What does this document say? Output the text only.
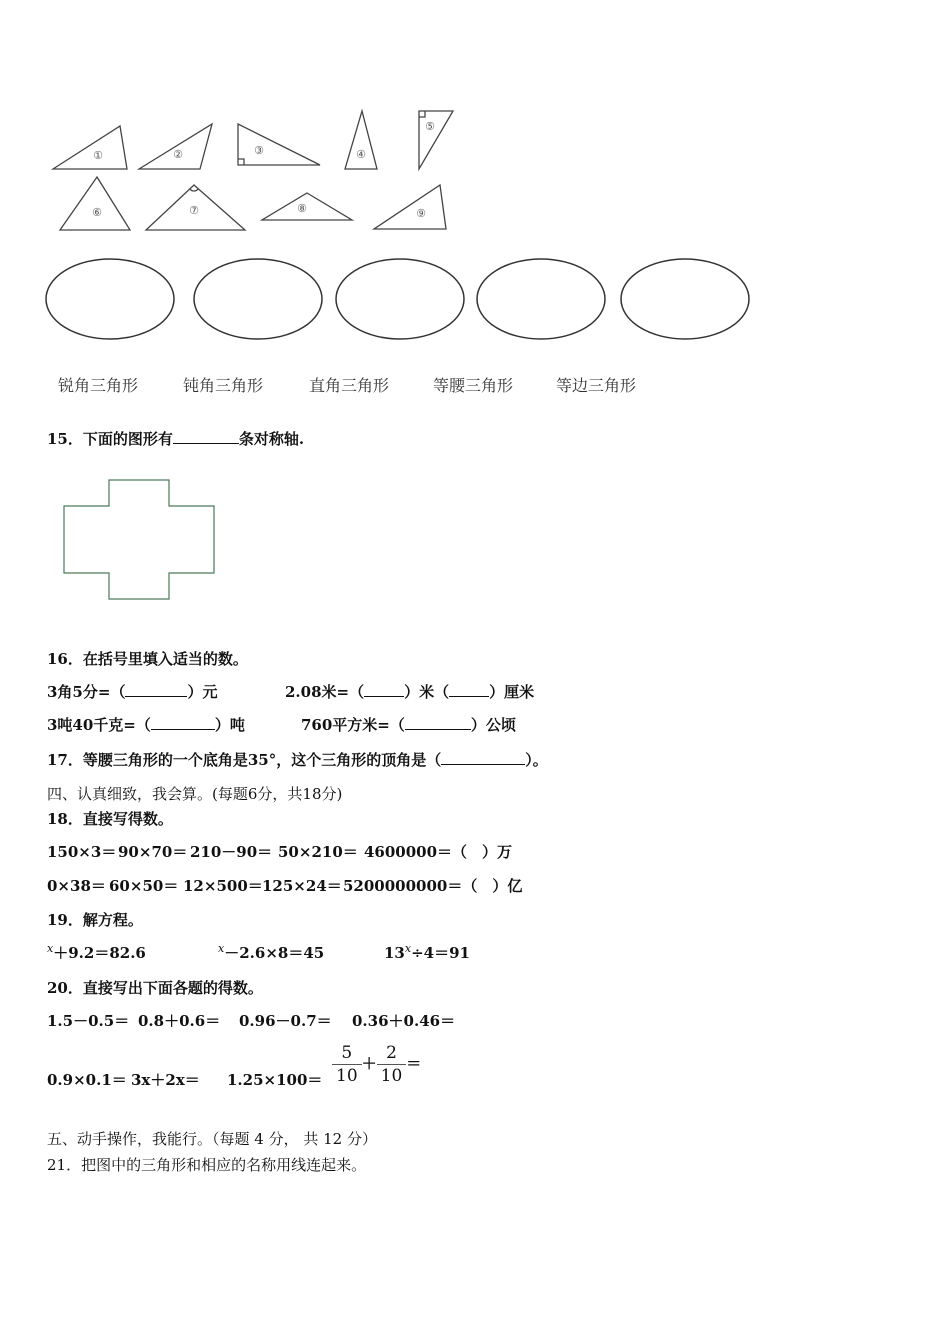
①	②	③	④
⑤
⑥	⑦	⑧	⑨
锐角三角形	钝角三角形	直角三角形	等腰三角形	等边三角形
15．下面的图形有	条对称轴.
16．在括号里填入适当的数。
3角5分=（	）元	2.08米=（	）米（	）厘米
3吨40千克=（	）吨	760平方米=（	）公顷
17．等腰三角形的一个底角是35°，这个三角形的顶角是（	）。
四、认真细致，我会算。(每题6分，共18分)
18．直接写得数。
150×3＝ 90×70＝ 210－90＝ 50×210＝ 4600000＝（　）万
0×38＝ 60×50＝ 12×500＝ 125×24＝ 5200000000＝（　）亿
19．解方程。
$^x$＋9.2＝82.6	$^x$－2.6×8＝45	$13^x\div 4=91$
20．直接写出下面各题的得数。
1.5－0.5＝ 0.8＋0.6＝ 0.96－0.7＝ 0.36＋0.46＝
$0.9\times 0.1= 3x+2x= 1.25\times 100= \frac{5}{10} + \frac{2}{10}$ ＝
五、动手操作，我能行。（每题 4 分， 共 12 分）
21．把图中的三角形和相应的名称用线连起来。
